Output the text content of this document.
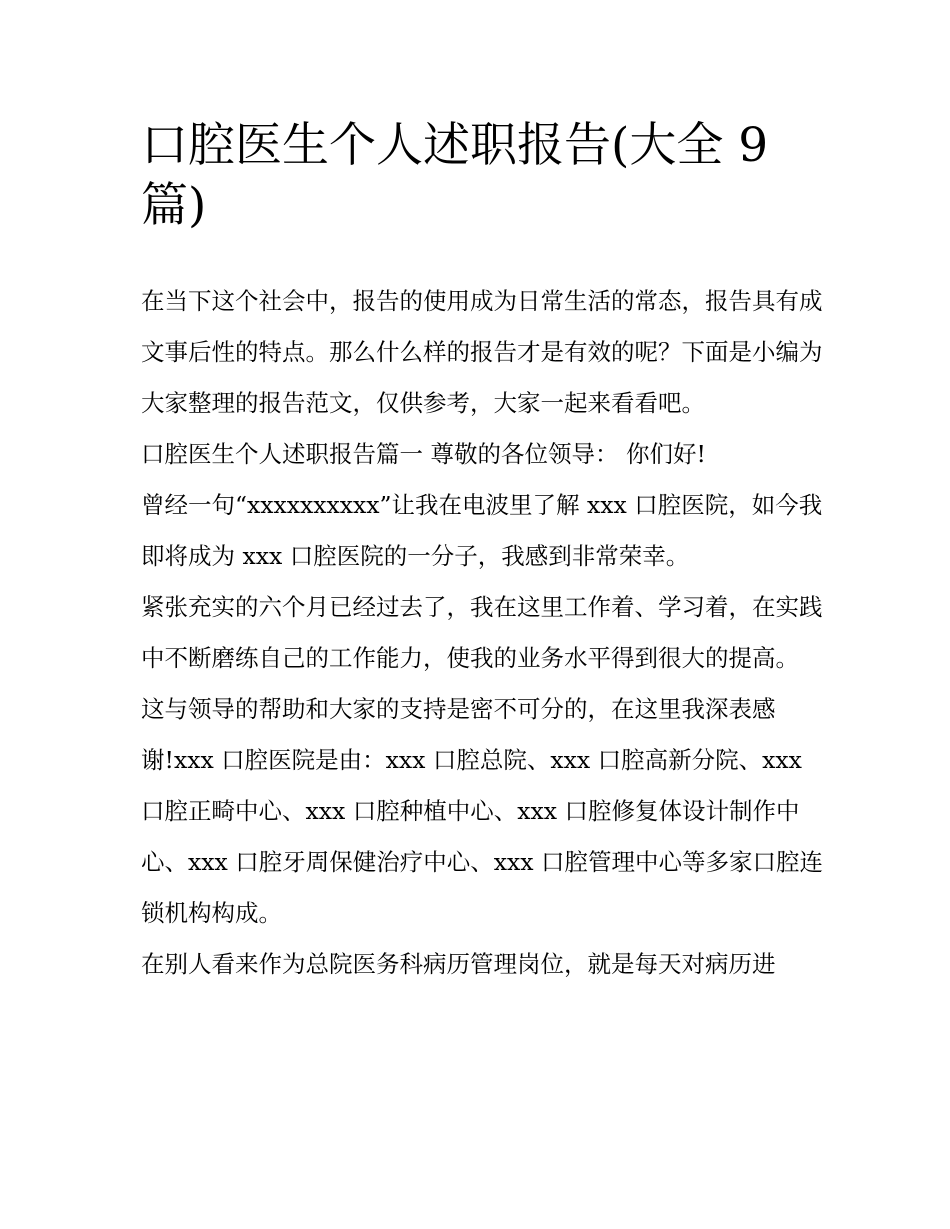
口腔医生个人述职报告(大全 9 篇)

在当下这个社会中，报告的使用成为日常生活的常态，报告具有成文事后性的特点。那么什么样的报告才是有效的呢？下面是小编为大家整理的报告范文，仅供参考，大家一起来看看吧。

口腔医生个人述职报告篇一 尊敬的各位领导： 你们好!

曾经一句“xxxxxxxxxx”让我在电波里了解 xxx 口腔医院，如今我即将成为 xxx 口腔医院的一分子，我感到非常荣幸。

紧张充实的六个月已经过去了，我在这里工作着、学习着，在实践中不断磨练自己的工作能力，使我的业务水平得到很大的提高。

这与领导的帮助和大家的支持是密不可分的，在这里我深表感谢!xxx 口腔医院是由：xxx 口腔总院、xxx 口腔高新分院、xxx 口腔正畸中心、xxx 口腔种植中心、xxx 口腔修复体设计制作中心、xxx 口腔牙周保健治疗中心、xxx 口腔管理中心等多家口腔连锁机构构成。

在别人看来作为总院医务科病历管理岗位，就是每天对病历进
